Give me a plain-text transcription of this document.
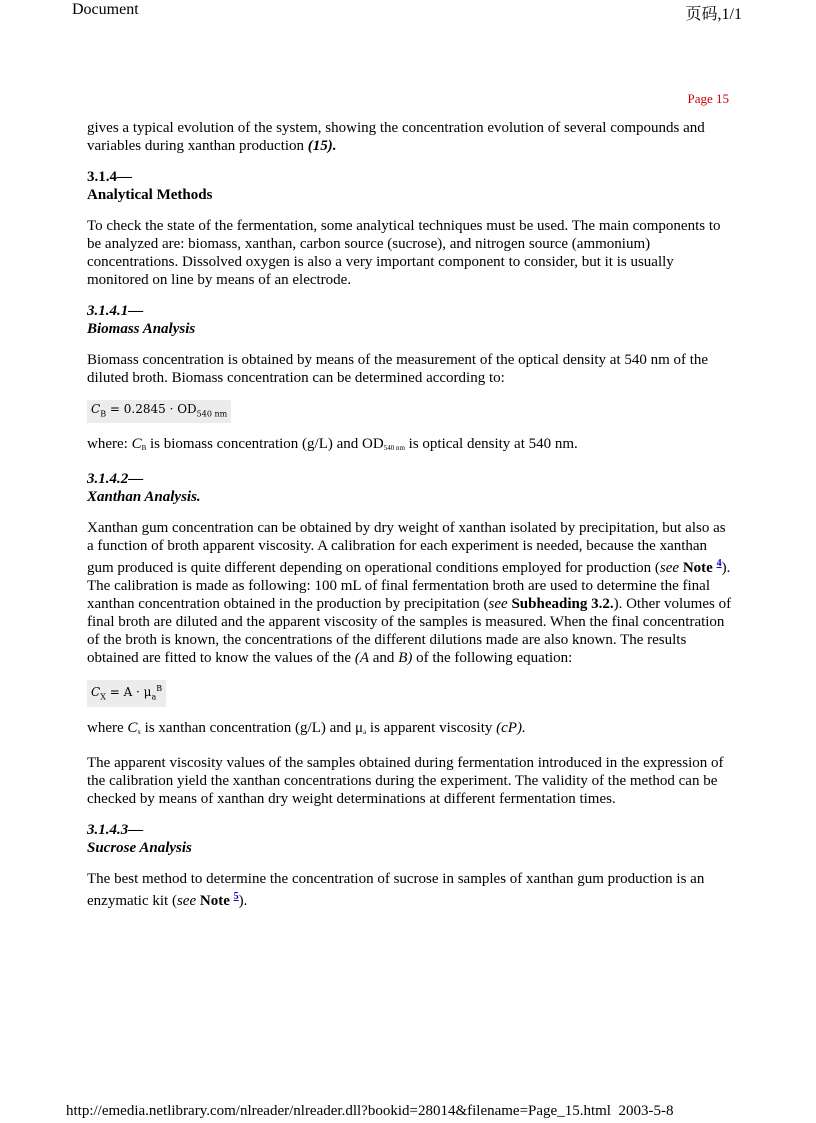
Document	页码,1/1
Page 15

gives a typical evolution of the system, showing the concentration evolution of several compounds and variables during xanthan production (15).

3.1.4—
Analytical Methods

To check the state of the fermentation, some analytical techniques must be used. The main components to be analyzed are: biomass, xanthan, carbon source (sucrose), and nitrogen source (ammonium) concentrations. Dissolved oxygen is also a very important component to consider, but it is usually monitored on line by means of an electrode.

3.1.4.1—
Biomass Analysis

Biomass concentration is obtained by means of the measurement of the optical density at 540 nm of the diluted broth. Biomass concentration can be determined according to:

$C_B = 0.2845 \cdot OD_{540 nm}$

where: $C_B$ is biomass concentration (g/L) and $OD_{540 nm}$ is optical density at 540 nm.

3.1.4.2—
Xanthan Analysis.

Xanthan gum concentration can be obtained by dry weight of xanthan isolated by precipitation, but also as a function of broth apparent viscosity. A calibration for each experiment is needed, because the xanthan gum produced is quite different depending on operational conditions employed for production (see Note $^4$). The calibration is made as following: 100 mL of final fermentation broth are used to determine the final xanthan concentration obtained in the production by precipitation (see Subheading 3.2.). Other volumes of final broth are diluted and the apparent viscosity of the samples is measured. When the final concentration of the broth is known, the concentrations of the different dilutions made are also known. The results obtained are fitted to know the values of the (A and B) of the following equation:

$C_X = A \cdot \mu_a^B$

where $C_x$ is xanthan concentration (g/L) and $\mu_a$ is apparent viscosity (cP).

The apparent viscosity values of the samples obtained during fermentation introduced in the expression of the calibration yield the xanthan concentrations during the experiment. The validity of the method can be checked by means of xanthan dry weight determinations at different fermentation times.

3.1.4.3—
Sucrose Analysis

The best method to determine the concentration of sucrose in samples of xanthan gum production is an enzymatic kit (see Note $^5$).

http://emedia.netlibrary.com/nlreader/nlreader.dll?bookid=28014&filename=Page_15.html 2003-5-8
